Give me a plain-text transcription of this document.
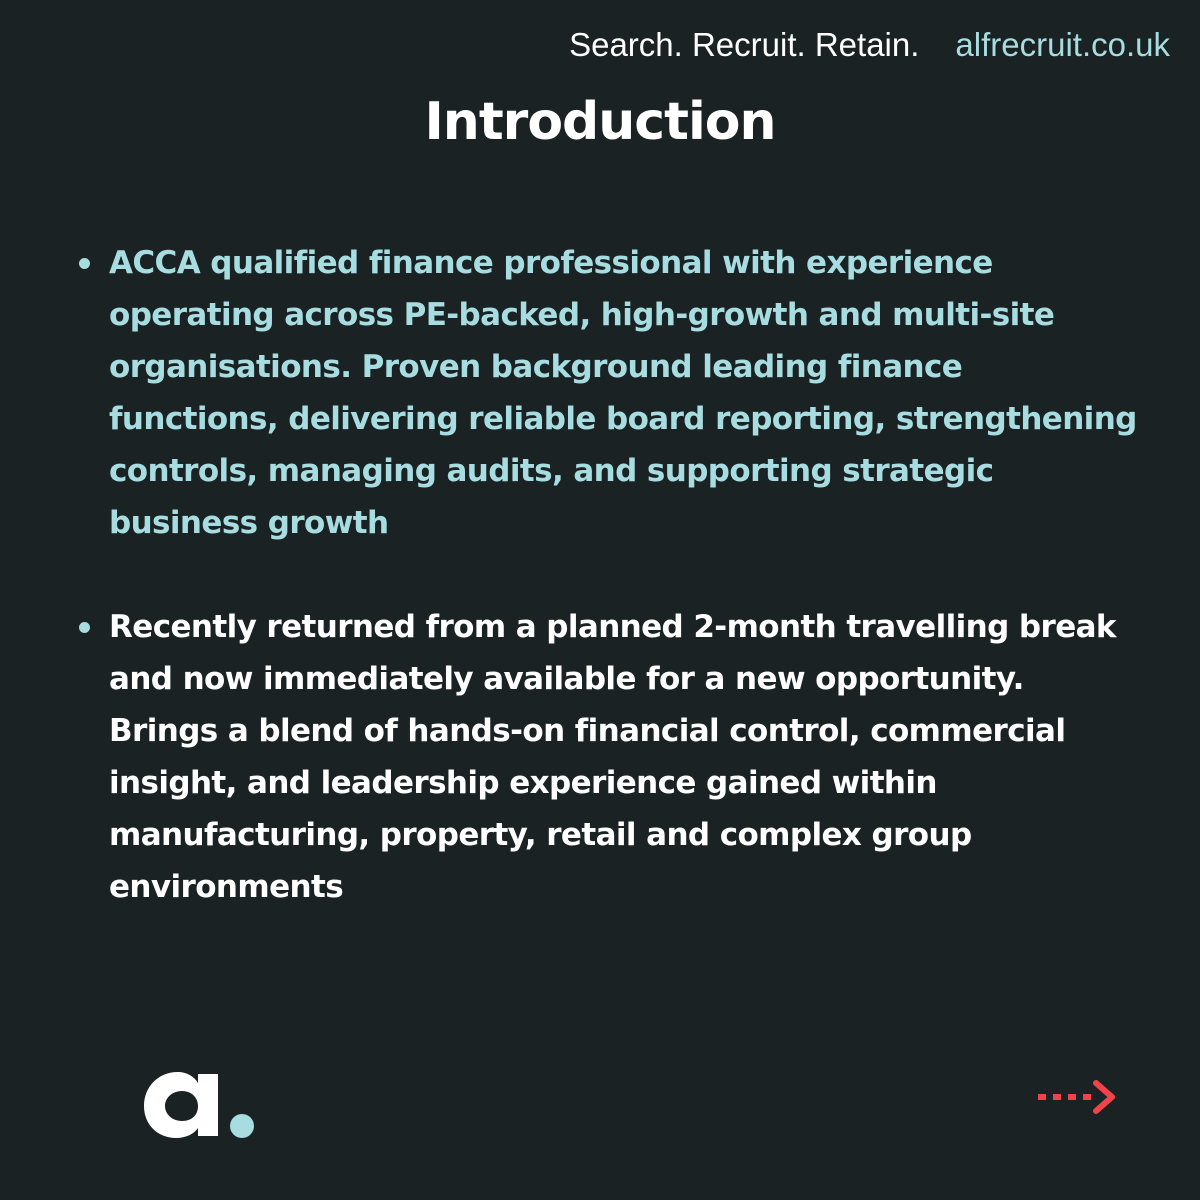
Search. Recruit. Retain. alfrecruit.co.uk
Introduction
ACCA qualified finance professional with experience operating across PE-backed, high-growth and multi-site organisations. Proven background leading finance functions, delivering reliable board reporting, strengthening controls, managing audits, and supporting strategic business growth
Recently returned from a planned 2-month travelling break and now immediately available for a new opportunity. Brings a blend of hands-on financial control, commercial insight, and leadership experience gained within manufacturing, property, retail and complex group environments
